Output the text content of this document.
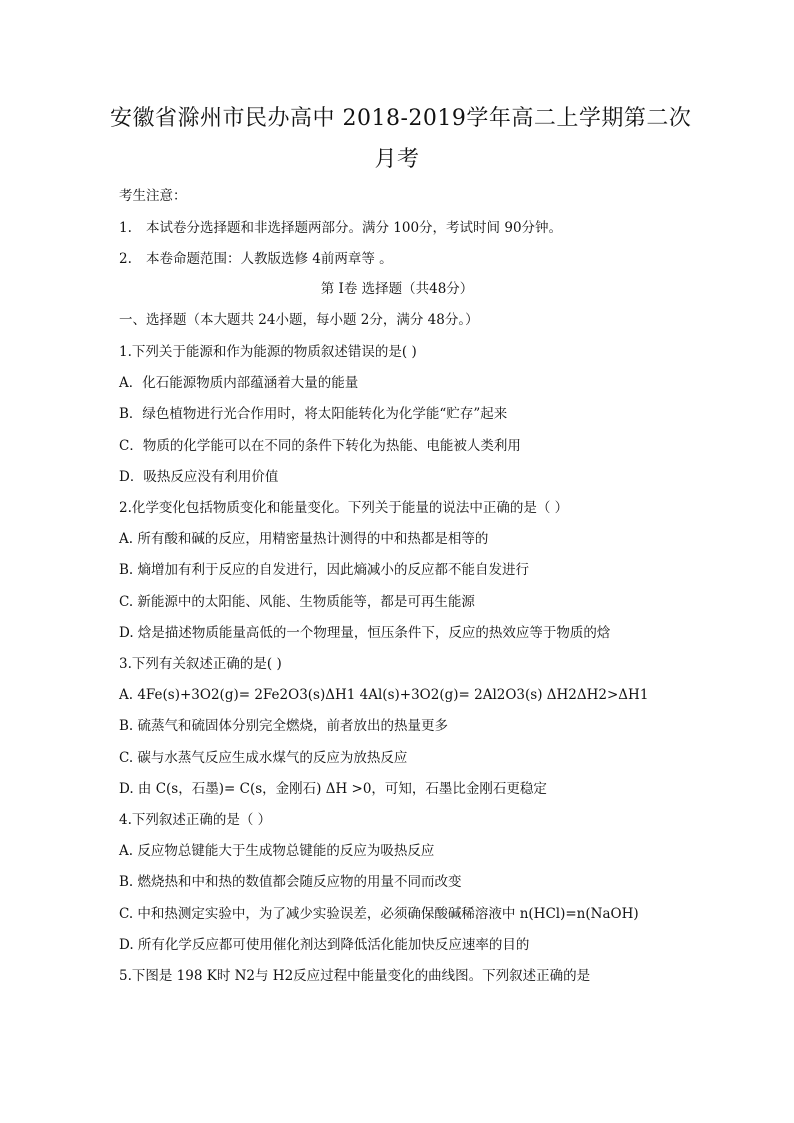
安徽省滁州市民办高中 2018-2019学年高二上学期第二次
月考
考生注意：
1. 本试卷分选择题和非选择题两部分。满分 100分，考试时间 90分钟。
2. 本卷命题范围：人教版选修 4前两章等 。
第 I卷 选择题（共48分）
一、选择题（本大题共 24小题，每小题 2分，满分 48分。）
1.下列关于能源和作为能源的物质叙述错误的是( )
A．化石能源物质内部蕴涵着大量的能量
B．绿色植物进行光合作用时，将太阳能转化为化学能“贮存”起来
C．物质的化学能可以在不同的条件下转化为热能、电能被人类利用
D．吸热反应没有利用价值
2.化学变化包括物质变化和能量变化。下列关于能量的说法中正确的是（ ）
A. 所有酸和碱的反应，用精密量热计测得的中和热都是相等的
B. 熵增加有利于反应的自发进行，因此熵减小的反应都不能自发进行
C. 新能源中的太阳能、风能、生物质能等，都是可再生能源
D. 焓是描述物质能量高低的一个物理量，恒压条件下，反应的热效应等于物质的焓
3.下列有关叙述正确的是( )
A. 4Fe(s)+3O2(g)= 2Fe2O3(s)ΔH1 4Al(s)+3O2(g)= 2Al2O3(s) ΔH2ΔH2>ΔH1
B. 硫蒸气和硫固体分别完全燃烧，前者放出的热量更多
C. 碳与水蒸气反应生成水煤气的反应为放热反应
D. 由 C(s，石墨)= C(s，金刚石) ΔH >0，可知，石墨比金刚石更稳定
4.下列叙述正确的是（ ）
A. 反应物总键能大于生成物总键能的反应为吸热反应
B. 燃烧热和中和热的数值都会随反应物的用量不同而改变
C. 中和热测定实验中，为了减少实验误差，必须确保酸碱稀溶液中 n(HCl)=n(NaOH)
D. 所有化学反应都可使用催化剂达到降低活化能加快反应速率的目的
5.下图是 198 K时 N2与 H2反应过程中能量变化的曲线图。下列叙述正确的是
